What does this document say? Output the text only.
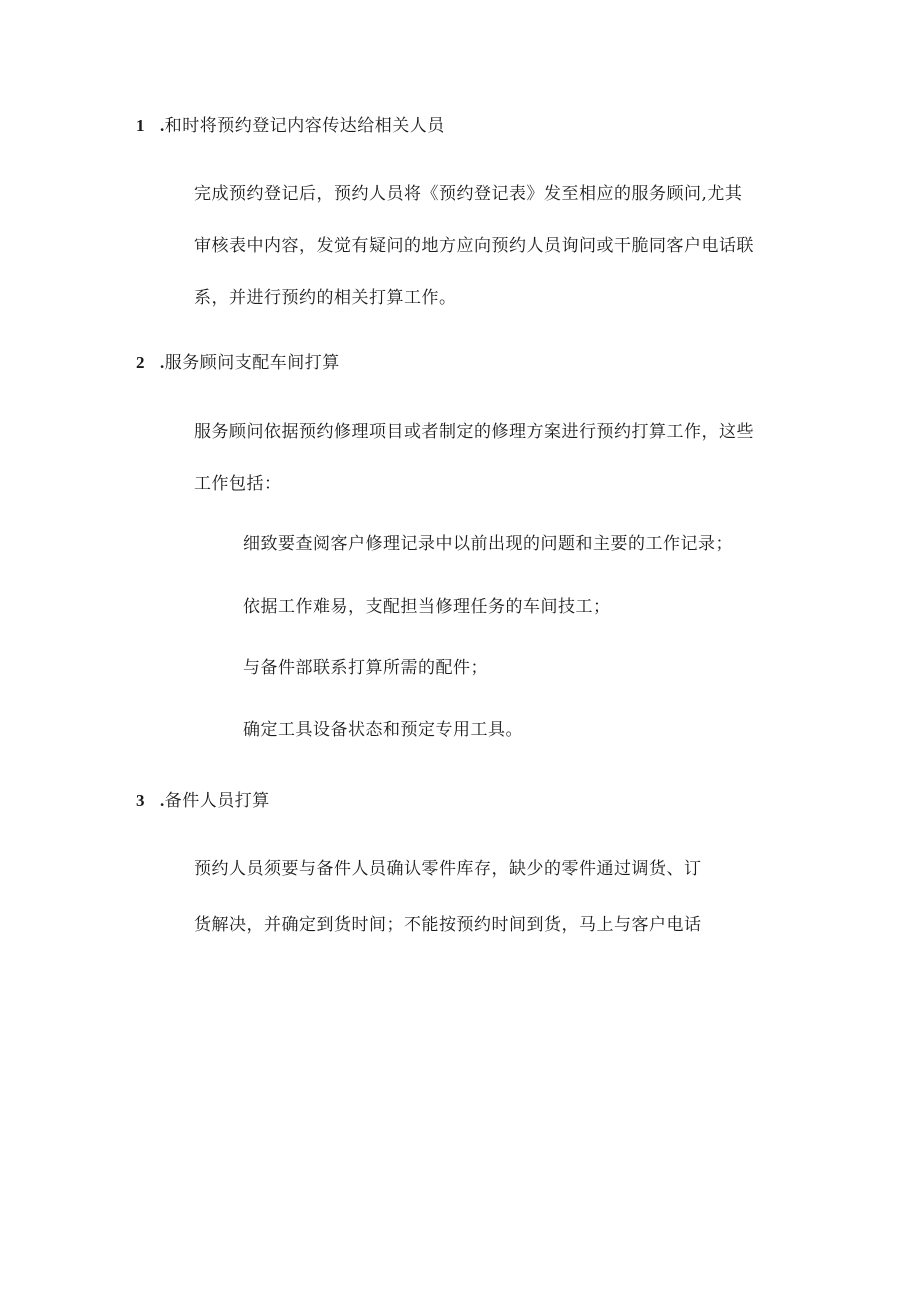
1 .和时将预约登记内容传达给相关人员
完成预约登记后，预约人员将《预约登记表》发至相应的服务顾问,尤其
审核表中内容，发觉有疑问的地方应向预约人员询问或干脆同客户电话联
系，并进行预约的相关打算工作。
2 .服务顾问支配车间打算
服务顾问依据预约修理项目或者制定的修理方案进行预约打算工作，这些
工作包括：
细致要查阅客户修理记录中以前出现的问题和主要的工作记录；
依据工作难易，支配担当修理任务的车间技工；
与备件部联系打算所需的配件；
确定工具设备状态和预定专用工具。
3 .备件人员打算
预约人员须要与备件人员确认零件库存，缺少的零件通过调货、订
货解决，并确定到货时间；不能按预约时间到货，马上与客户电话
